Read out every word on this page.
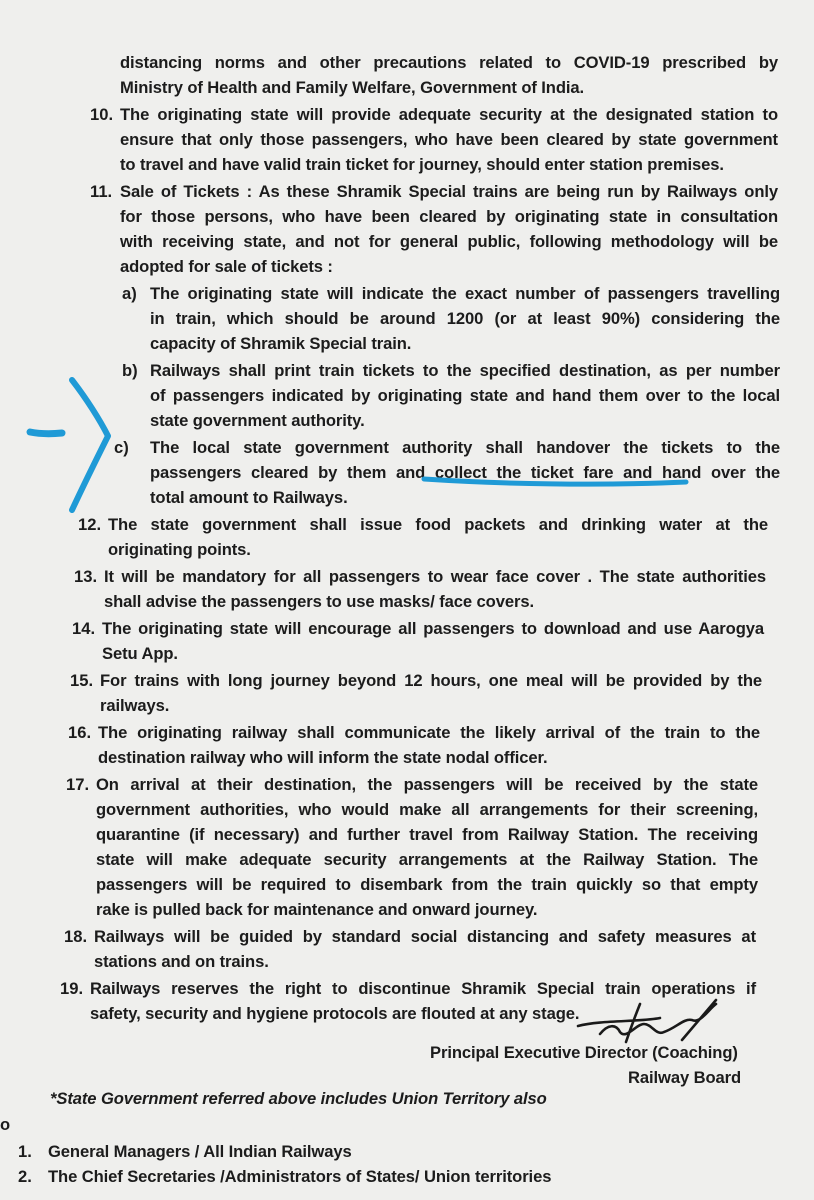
distancing norms and other precautions related to COVID-19 prescribed by
Ministry of Health and Family Welfare, Government of India.
10. The originating state will provide adequate security at the designated station to
ensure that only those passengers, who have been cleared by state government
to travel and have valid train ticket for journey, should enter station premises.
11. Sale of Tickets : As these Shramik Special trains are being run by Railways only
for those persons, who have been cleared by originating state in consultation
with receiving state, and not for general public, following methodology will be
adopted for sale of tickets :
a) The originating state will indicate the exact number of passengers travelling
in train, which should be around 1200 (or at least 90%) considering the
capacity of Shramik Special train.
b) Railways shall print train tickets to the specified destination, as per number
of passengers indicated by originating state and hand them over to the local
state government authority.
c) The local state government authority shall handover the tickets to the
passengers cleared by them and collect the ticket fare and hand over the
total amount to Railways.
12. The state government shall issue food packets and drinking water at the
originating points.
13. It will be mandatory for all passengers to wear face cover . The state authorities
shall advise the passengers to use masks/ face covers.
14. The originating state will encourage all passengers to download and use Aarogya
Setu App.
15. For trains with long journey beyond 12 hours, one meal will be provided by the
railways.
16. The originating railway shall communicate the likely arrival of the train to the
destination railway who will inform the state nodal officer.
17. On arrival at their destination, the passengers will be received by the state
government authorities, who would make all arrangements for their screening,
quarantine (if necessary) and further travel from Railway Station. The receiving
state will make adequate security arrangements at the Railway Station. The
passengers will be required to disembark from the train quickly so that empty
rake is pulled back for maintenance and onward journey.
18. Railways will be guided by standard social distancing and safety measures at
stations and on trains.
19. Railways reserves the right to discontinue Shramik Special train operations if
safety, security and hygiene protocols are flouted at any stage.
Principal Executive Director (Coaching)
Railway Board
*State Government referred above includes Union Territory also
o
1. General Managers / All Indian Railways
2. The Chief Secretaries /Administrators of States/ Union territories
